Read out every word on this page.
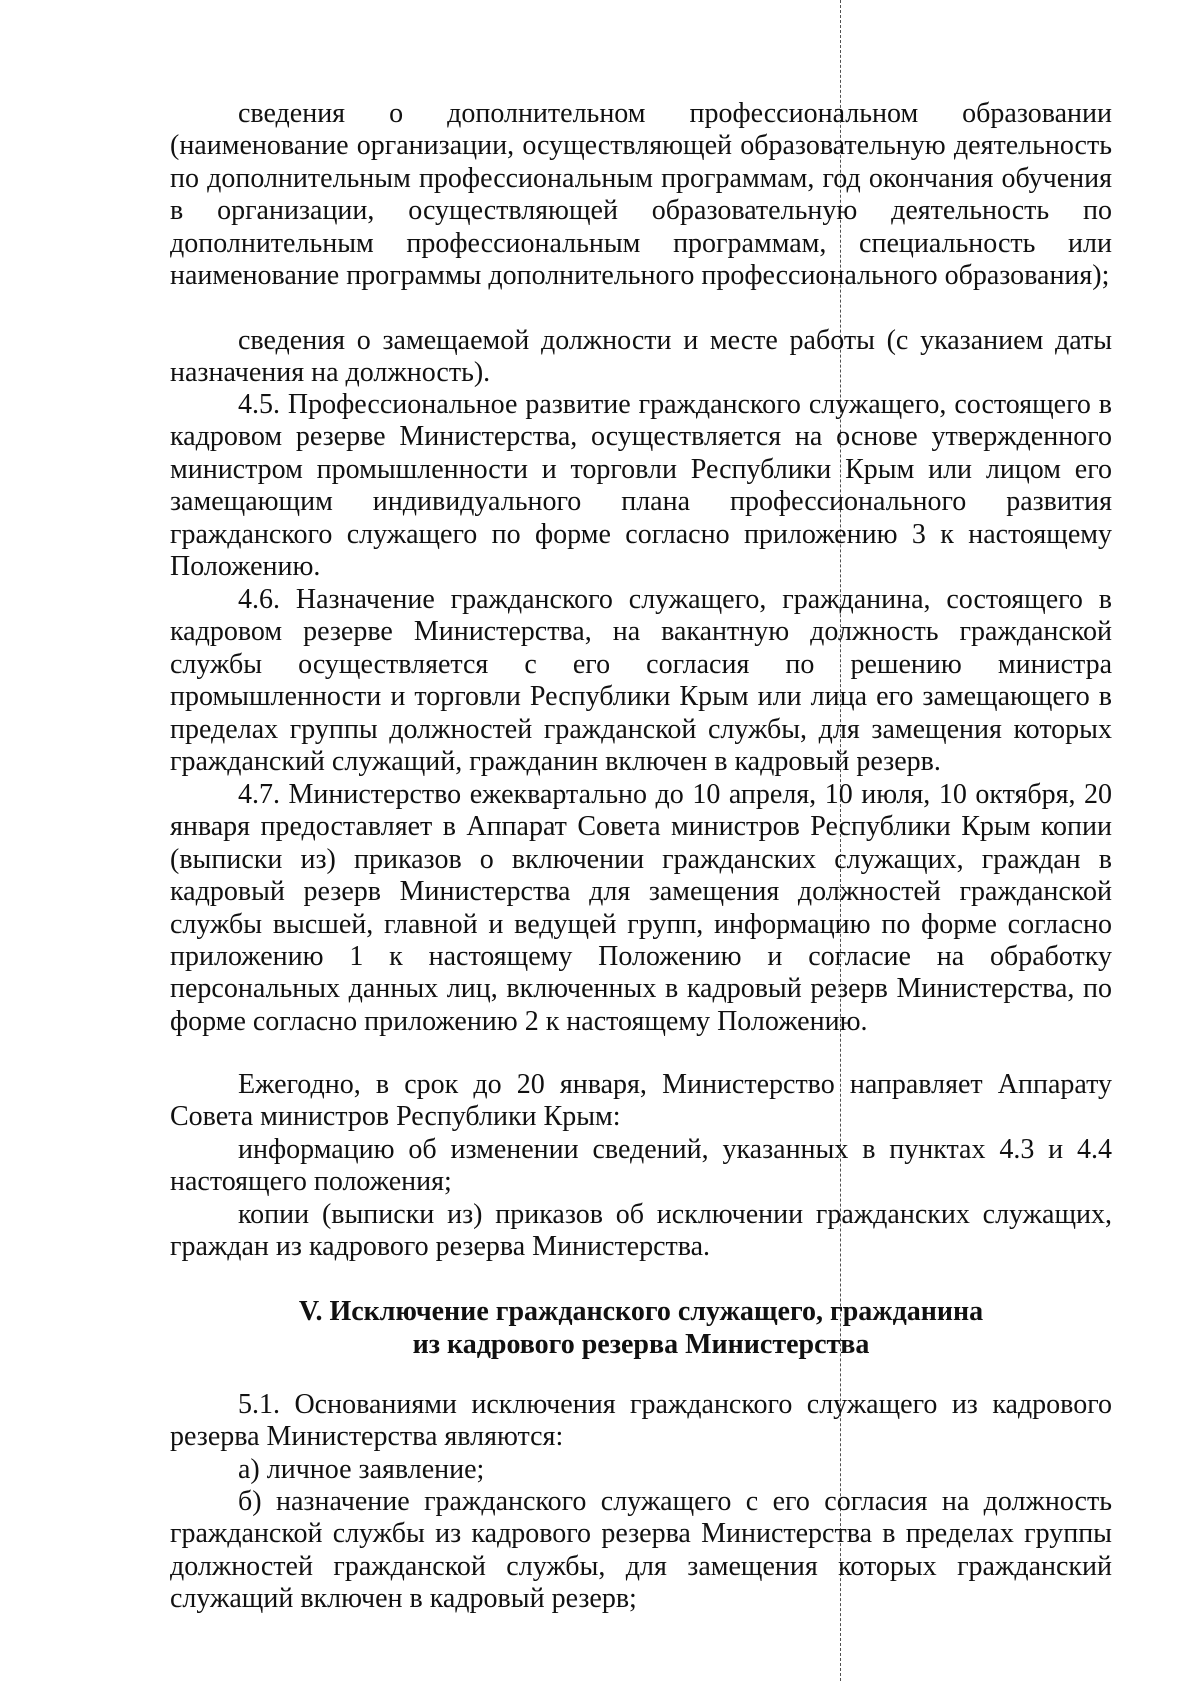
сведения о дополнительном профессиональном образовании (наименование организации, осуществляющей образовательную деятельность по дополнительным профессиональным программам, год окончания обучения в организации, осуществляющей образовательную деятельность по дополнительным профессиональным программам, специальность или наименование программы дополнительного профессионального образования);

сведения о замещаемой должности и месте работы (с указанием даты назначения на должность).

4.5. Профессиональное развитие гражданского служащего, состоящего в кадровом резерве Министерства, осуществляется на основе утвержденного министром промышленности и торговли Республики Крым или лицом его замещающим индивидуального плана профессионального развития гражданского служащего по форме согласно приложению 3 к настоящему Положению.

4.6. Назначение гражданского служащего, гражданина, состоящего в кадровом резерве Министерства, на вакантную должность гражданской службы осуществляется с его согласия по решению министра промышленности и торговли Республики Крым или лица его замещающего в пределах группы должностей гражданской службы, для замещения которых гражданский служащий, гражданин включен в кадровый резерв.

4.7. Министерство ежеквартально до 10 апреля, 10 июля, 10 октября, 20 января предоставляет в Аппарат Совета министров Республики Крым копии (выписки из) приказов о включении гражданских служащих, граждан в кадровый резерв Министерства для замещения должностей гражданской службы высшей, главной и ведущей групп, информацию по форме согласно приложению 1 к настоящему Положению и согласие на обработку персональных данных лиц, включенных в кадровый резерв Министерства, по форме согласно приложению 2 к настоящему Положению.

Ежегодно, в срок до 20 января, Министерство направляет Аппарату Совета министров Республики Крым:

информацию об изменении сведений, указанных в пунктах 4.3 и 4.4 настоящего положения;

копии (выписки из) приказов об исключении гражданских служащих, граждан из кадрового резерва Министерства.

V. Исключение гражданского служащего, гражданина
из кадрового резерва Министерства

5.1. Основаниями исключения гражданского служащего из кадрового резерва Министерства являются:

а) личное заявление;

б) назначение гражданского служащего с его согласия на должность гражданской службы из кадрового резерва Министерства в пределах группы должностей гражданской службы, для замещения которых гражданский служащий включен в кадровый резерв;
